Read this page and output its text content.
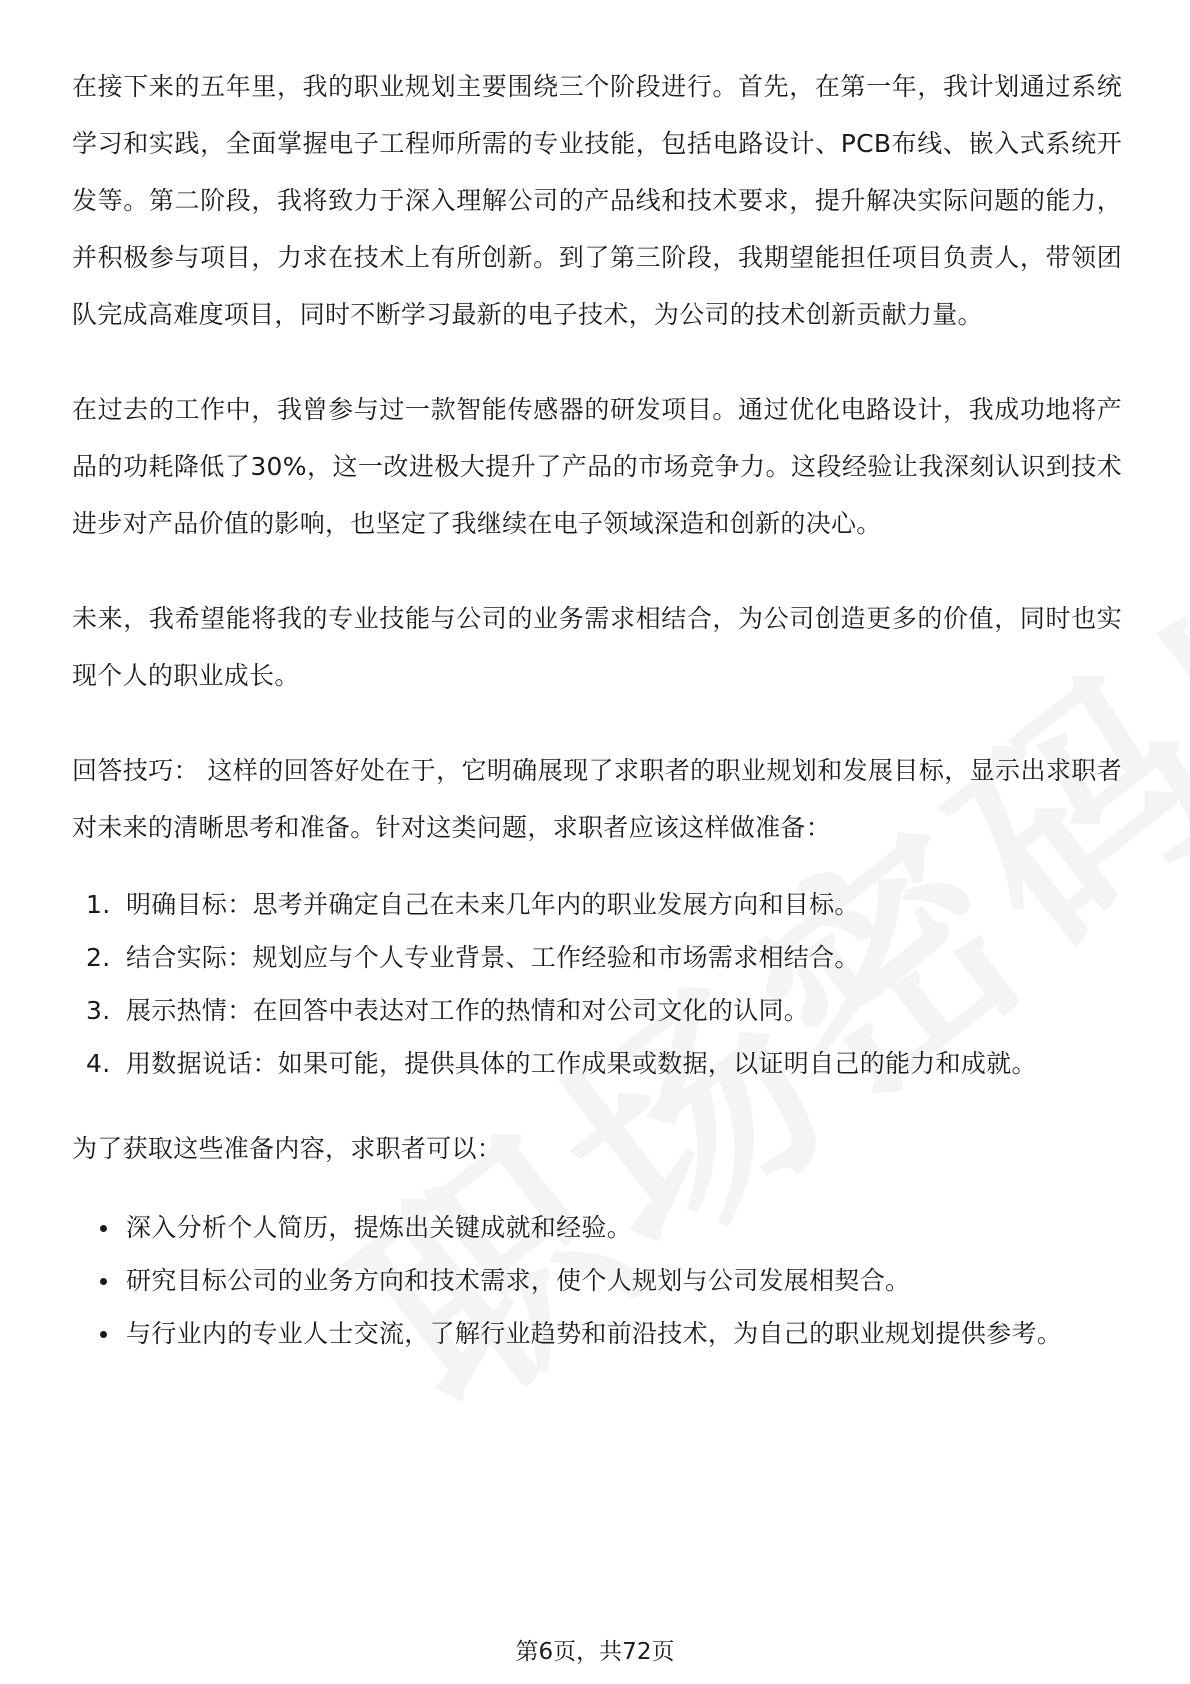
在接下来的五年里，我的职业规划主要围绕三个阶段进行。首先，在第一年，我计划通过系统学习和实践，全面掌握电子工程师所需的专业技能，包括电路设计、PCB布线、嵌入式系统开发等。第二阶段，我将致力于深入理解公司的产品线和技术要求，提升解决实际问题的能力，并积极参与项目，力求在技术上有所创新。到了第三阶段，我期望能担任项目负责人，带领团队完成高难度项目，同时不断学习最新的电子技术，为公司的技术创新贡献力量。

在过去的工作中，我曾参与过一款智能传感器的研发项目。通过优化电路设计，我成功地将产品的功耗降低了30%，这一改进极大提升了产品的市场竞争力。这段经验让我深刻认识到技术进步对产品价值的影响，也坚定了我继续在电子领域深造和创新的决心。

未来，我希望能将我的专业技能与公司的业务需求相结合，为公司创造更多的价值，同时也实现个人的职业成长。

回答技巧： 这样的回答好处在于，它明确展现了求职者的职业规划和发展目标，显示出求职者对未来的清晰思考和准备。针对这类问题，求职者应该这样做准备：

1. 明确目标：思考并确定自己在未来几年内的职业发展方向和目标。
2. 结合实际：规划应与个人专业背景、工作经验和市场需求相结合。
3. 展示热情：在回答中表达对工作的热情和对公司文化的认同。
4. 用数据说话：如果可能，提供具体的工作成果或数据，以证明自己的能力和成就。

为了获取这些准备内容，求职者可以：

深入分析个人简历，提炼出关键成就和经验。
研究目标公司的业务方向和技术需求，使个人规划与公司发展相契合。
与行业内的专业人士交流，了解行业趋势和前沿技术，为自己的职业规划提供参考。
第6页，共72页
